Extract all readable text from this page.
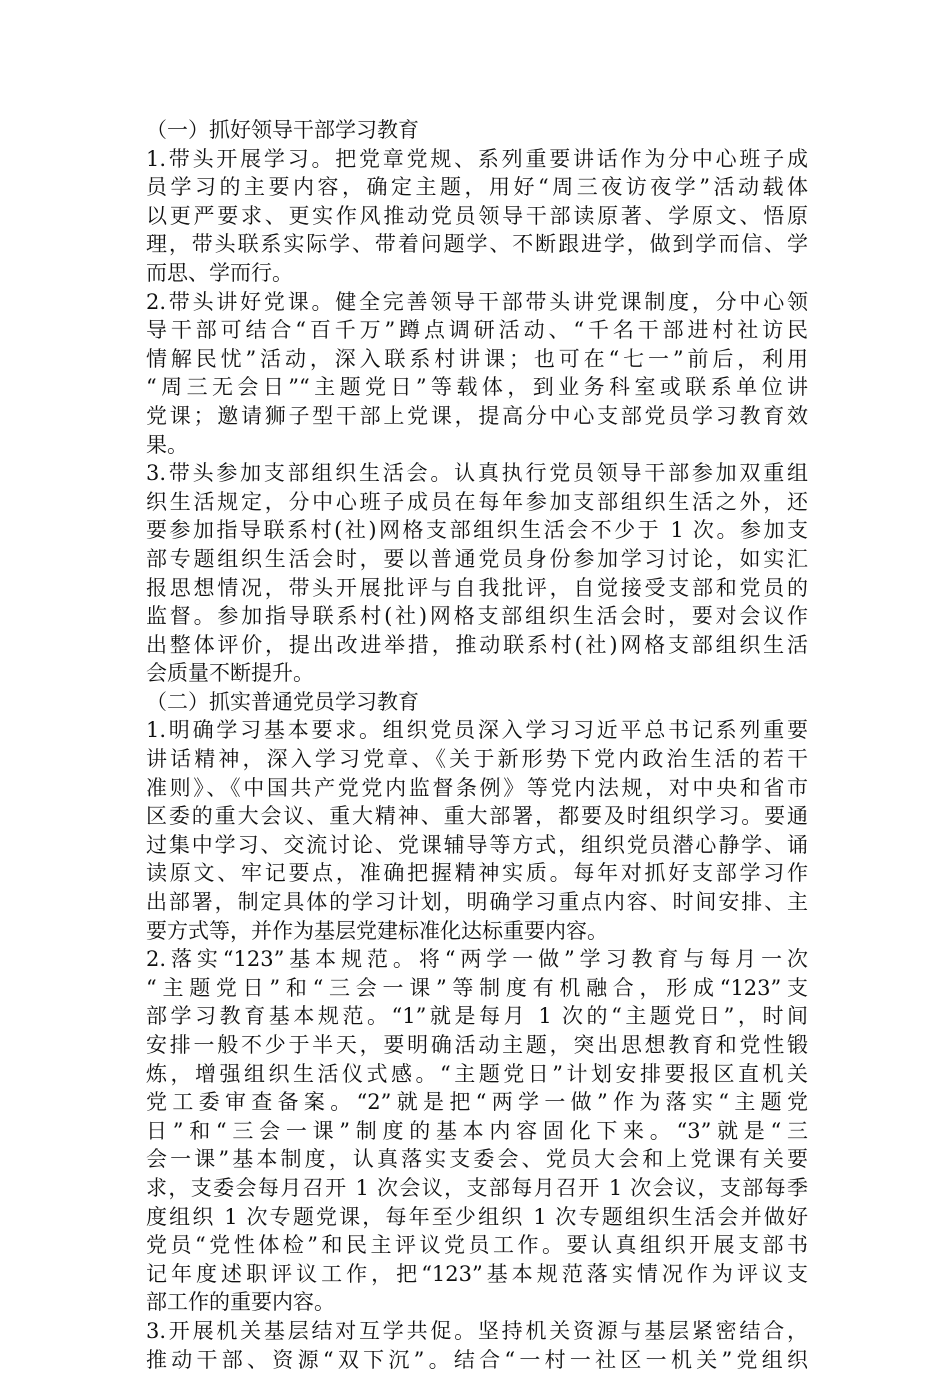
（一）抓好领导干部学习教育
1.带头开展学习。把党章党规、系列重要讲话作为分中心班子成
员学习的主要内容，确定主题，用好“周三夜访夜学”活动载体
以更严要求、更实作风推动党员领导干部读原著、学原文、悟原
理，带头联系实际学、带着问题学、不断跟进学，做到学而信、学
而思、学而行。
2.带头讲好党课。健全完善领导干部带头讲党课制度，分中心领
导干部可结合“百千万”蹲点调研活动、“千名干部进村社访民
情解民忧”活动，深入联系村讲课；也可在“七一”前后，利用
“周三无会日”“主题党日”等载体，到业务科室或联系单位讲
党课；邀请狮子型干部上党课，提高分中心支部党员学习教育效
果。
3.带头参加支部组织生活会。认真执行党员领导干部参加双重组
织生活规定，分中心班子成员在每年参加支部组织生活之外，还
要参加指导联系村(社)网格支部组织生活会不少于 1 次。参加支
部专题组织生活会时，要以普通党员身份参加学习讨论，如实汇
报思想情况，带头开展批评与自我批评，自觉接受支部和党员的
监督。参加指导联系村(社)网格支部组织生活会时，要对会议作
出整体评价，提出改进举措，推动联系村(社)网格支部组织生活
会质量不断提升。
（二）抓实普通党员学习教育
1.明确学习基本要求。组织党员深入学习习近平总书记系列重要
讲话精神，深入学习党章、《关于新形势下党内政治生活的若干
准则》、《中国共产党党内监督条例》等党内法规，对中央和省市
区委的重大会议、重大精神、重大部署，都要及时组织学习。要通
过集中学习、交流讨论、党课辅导等方式，组织党员潜心静学、诵
读原文、牢记要点，准确把握精神实质。每年对抓好支部学习作
出部署，制定具体的学习计划，明确学习重点内容、时间安排、主
要方式等，并作为基层党建标准化达标重要内容。
2.落实“123”基本规范。将“两学一做”学习教育与每月一次
“主题党日”和“三会一课”等制度有机融合，形成“123”支
部学习教育基本规范。“1”就是每月 1 次的“主题党日”，时间
安排一般不少于半天，要明确活动主题，突出思想教育和党性锻
炼，增强组织生活仪式感。“主题党日”计划安排要报区直机关
党工委审查备案。“2”就是把“两学一做”作为落实“主题党
日”和“三会一课”制度的基本内容固化下来。“3”就是“三
会一课”基本制度，认真落实支委会、党员大会和上党课有关要
求，支委会每月召开 1 次会议，支部每月召开 1 次会议，支部每季
度组织 1 次专题党课，每年至少组织 1 次专题组织生活会并做好
党员“党性体检”和民主评议党员工作。要认真组织开展支部书
记年度述职评议工作，把“123”基本规范落实情况作为评议支
部工作的重要内容。
3.开展机关基层结对互学共促。坚持机关资源与基层紧密结合，
推动干部、资源“双下沉”。结合“一村一社区一机关”党组织
